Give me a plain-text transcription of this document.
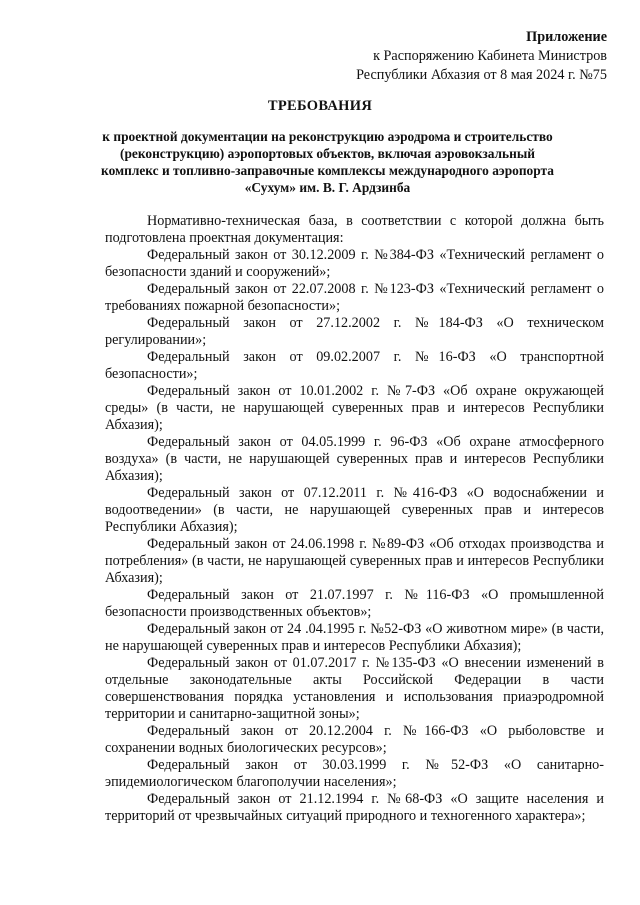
Приложение
к Распоряжению Кабинета Министров
Республики Абхазия от 8 мая 2024 г. №75
ТРЕБОВАНИЯ
к проектной документации на реконструкцию аэродрома и строительство (реконструкцию) аэропортовых объектов, включая аэровокзальный комплекс и топливно-заправочные комплексы международного аэропорта «Сухум» им. В. Г. Ардзинба

Нормативно-техническая база, в соответствии с которой должна быть подготовлена проектная документация:

Федеральный закон от 30.12.2009 г. №384-ФЗ «Технический регламент о безопасности зданий и сооружений»;

Федеральный закон от 22.07.2008 г. №123-ФЗ «Технический регламент о требованиях пожарной безопасности»;

Федеральный закон от 27.12.2002 г. №184-ФЗ «О техническом регулировании»;

Федеральный закон от 09.02.2007 г. №16-ФЗ «О транспортной безопасности»;

Федеральный закон от 10.01.2002 г. №7-ФЗ «Об охране окружающей среды» (в части, не нарушающей суверенных прав и интересов Республики Абхазия);

Федеральный закон от 04.05.1999 г. 96-ФЗ «Об охране атмосферного воздуха» (в части, не нарушающей суверенных прав и интересов Республики Абхазия);

Федеральный закон от 07.12.2011 г. №416-ФЗ «О водоснабжении и водоотведении» (в части, не нарушающей суверенных прав и интересов Республики Абхазия);

Федеральный закон от 24.06.1998 г. №89-ФЗ «Об отходах производства и потребления» (в части, не нарушающей суверенных прав и интересов Республики Абхазия);

Федеральный закон от 21.07.1997 г. №116-ФЗ «О промышленной безопасности производственных объектов»;

Федеральный закон от 24 .04.1995 г. №52-ФЗ «О животном мире» (в части, не нарушающей суверенных прав и интересов Республики Абхазия);

Федеральный закон от 01.07.2017 г. №135-ФЗ «О внесении изменений в отдельные законодательные акты Российской Федерации в части совершенствования порядка установления и использования приаэродромной территории и санитарно-защитной зоны»;

Федеральный закон от 20.12.2004 г. №166-ФЗ «О рыболовстве и сохранении водных биологических ресурсов»;

Федеральный закон от 30.03.1999 г. №52-ФЗ «О санитарно-эпидемиологическом благополучии населения»;

Федеральный закон от 21.12.1994 г. №68-ФЗ «О защите населения и территорий от чрезвычайных ситуаций природного и техногенного характера»;
